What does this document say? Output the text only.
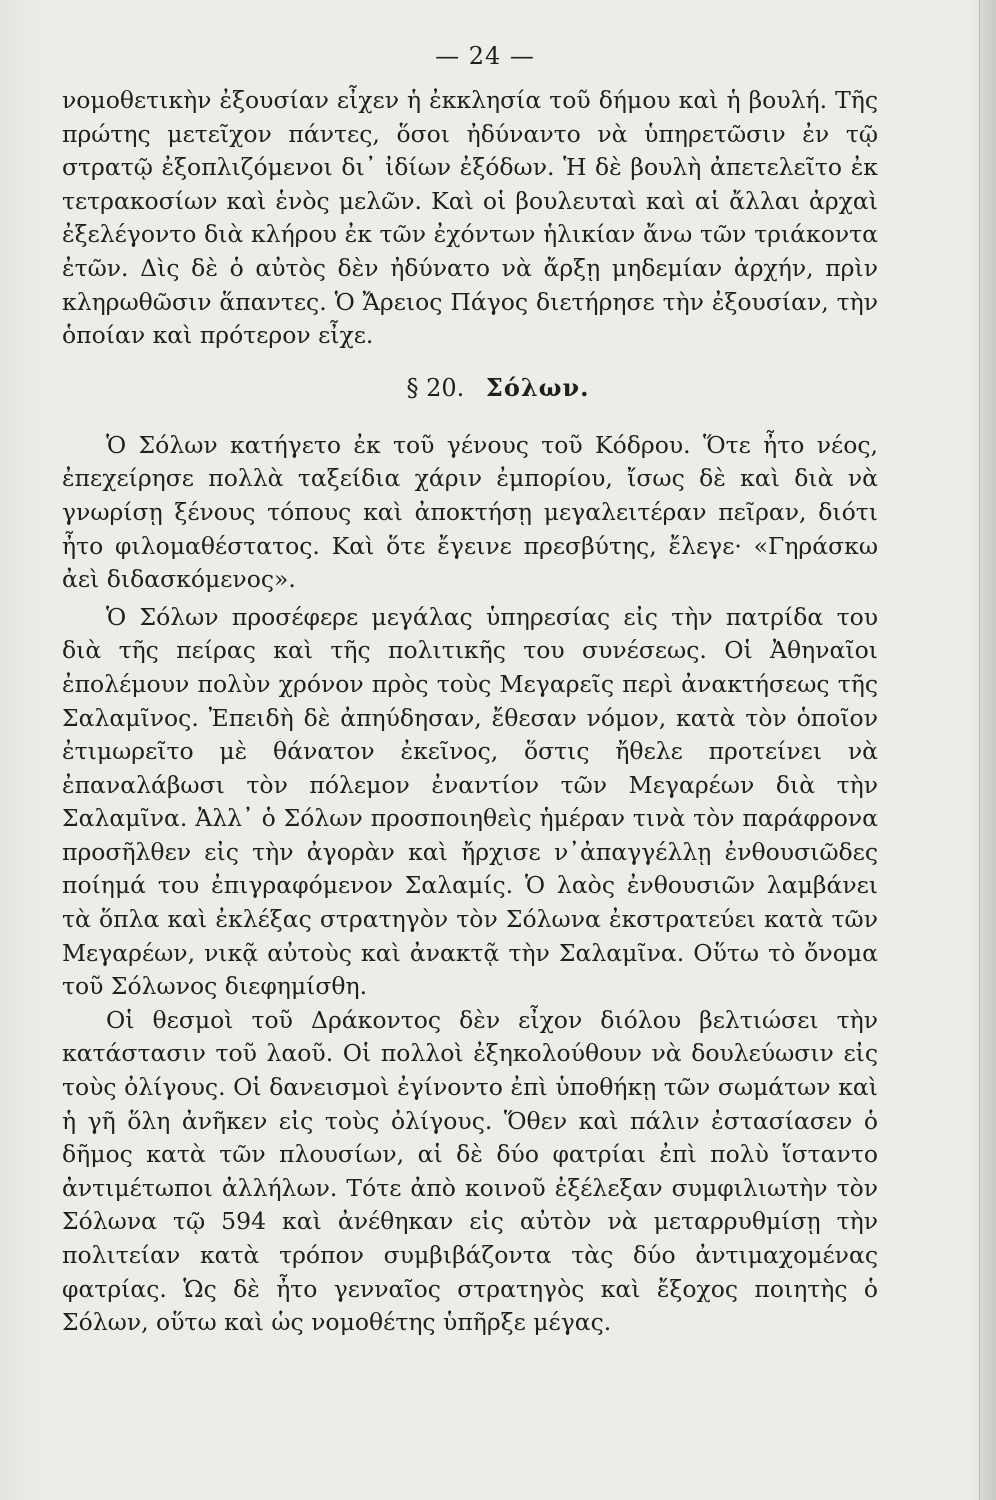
— 24 —

νομοθετικὴν ἐξουσίαν εἶχεν ἡ ἐκκλησία τοῦ δήμου καὶ ἡ βουλή. Τῆς πρώτης μετεῖχον πάντες, ὅσοι ἠδύναντο νὰ ὑπηρετῶσιν ἐν τῷ στρατῷ ἐξοπλιζόμενοι δι᾽ ἰδίων ἐξόδων. Ἡ δὲ βουλὴ ἀπετελεῖτο ἐκ τετρακοσίων καὶ ἑνὸς μελῶν. Καὶ οἱ βουλευταὶ καὶ αἱ ἄλλαι ἀρχαὶ ἐξελέγοντο διὰ κλήρου ἐκ τῶν ἐχόντων ἡλικίαν ἄνω τῶν τριάκοντα ἐτῶν. Δὶς δὲ ὁ αὐτὸς δὲν ἠδύνατο νὰ ἄρξῃ μηδεμίαν ἀρχήν, πρὶν κληρωθῶσιν ἅπαντες. Ὁ Ἄρειος Πάγος διετήρησε τὴν ἐξουσίαν, τὴν ὁποίαν καὶ πρότερον εἶχε.

§ 20. Σόλων.

Ὁ Σόλων κατήγετο ἐκ τοῦ γένους τοῦ Κόδρου. Ὅτε ἦτο νέος, ἐπεχείρησε πολλὰ ταξείδια χάριν ἐμπορίου, ἴσως δὲ καὶ διὰ νὰ γνωρίσῃ ξένους τόπους καὶ ἀποκτήσῃ μεγαλειτέραν πεῖραν, διότι ἦτο φιλομαθέστατος. Καὶ ὅτε ἔγεινε πρεσβύτης, ἔλεγε· «Γηράσκω ἀεὶ διδασκόμενος».

Ὁ Σόλων προσέφερε μεγάλας ὑπηρεσίας εἰς τὴν πατρίδα του διὰ τῆς πείρας καὶ τῆς πολιτικῆς του συνέσεως. Οἱ Ἀθηναῖοι ἐπολέμουν πολὺν χρόνον πρὸς τοὺς Μεγαρεῖς περὶ ἀνακτήσεως τῆς Σαλαμῖνος. Ἐπειδὴ δὲ ἀπηύδησαν, ἔθεσαν νόμον, κατὰ τὸν ὁποῖον ἐτιμωρεῖτο μὲ θάνατον ἐκεῖνος, ὅστις ἤθελε προτείνει νὰ ἐπαναλάβωσι τὸν πόλεμον ἐναντίον τῶν Μεγαρέων διὰ τὴν Σαλαμῖνα. Ἀλλ᾽ ὁ Σόλων προσποιηθεὶς ἡμέραν τινὰ τὸν παράφρονα προσῆλθεν εἰς τὴν ἀγορὰν καὶ ἤρχισε ν᾽ἀπαγγέλλῃ ἐνθουσιῶδες ποίημά του ἐπιγραφόμενον Σαλαμίς. Ὁ λαὸς ἐνθουσιῶν λαμβάνει τὰ ὅπλα καὶ ἐκλέξας στρατηγὸν τὸν Σόλωνα ἐκστρατεύει κατὰ τῶν Μεγαρέων, νικᾷ αὐτοὺς καὶ ἀνακτᾷ τὴν Σαλαμῖνα. Οὕτω τὸ ὄνομα τοῦ Σόλωνος διεφημίσθη.

Οἱ θεσμοὶ τοῦ Δράκοντος δὲν εἶχον διόλου βελτιώσει τὴν κατάστασιν τοῦ λαοῦ. Οἱ πολλοὶ ἐξηκολούθουν νὰ δουλεύωσιν εἰς τοὺς ὀλίγους. Οἱ δανεισμοὶ ἐγίνοντο ἐπὶ ὑποθήκῃ τῶν σωμάτων καὶ ἡ γῆ ὅλη ἀνῆκεν εἰς τοὺς ὀλίγους. Ὅθεν καὶ πάλιν ἐστασίασεν ὁ δῆμος κατὰ τῶν πλουσίων, αἱ δὲ δύο φατρίαι ἐπὶ πολὺ ἵσταντο ἀντιμέτωποι ἀλλήλων. Τότε ἀπὸ κοινοῦ ἐξέλεξαν συμφιλιωτὴν τὸν Σόλωνα τῷ 594 καὶ ἀνέθηκαν εἰς αὐτὸν νὰ μεταρρυθμίσῃ τὴν πολιτείαν κατὰ τρόπον συμβιβάζοντα τὰς δύο ἀντιμαχομένας φατρίας. Ὡς δὲ ἦτο γενναῖος στρατηγὸς καὶ ἔξοχος ποιητὴς ὁ Σόλων, οὕτω καὶ ὡς νομοθέτης ὑπῆρξε μέγας.
